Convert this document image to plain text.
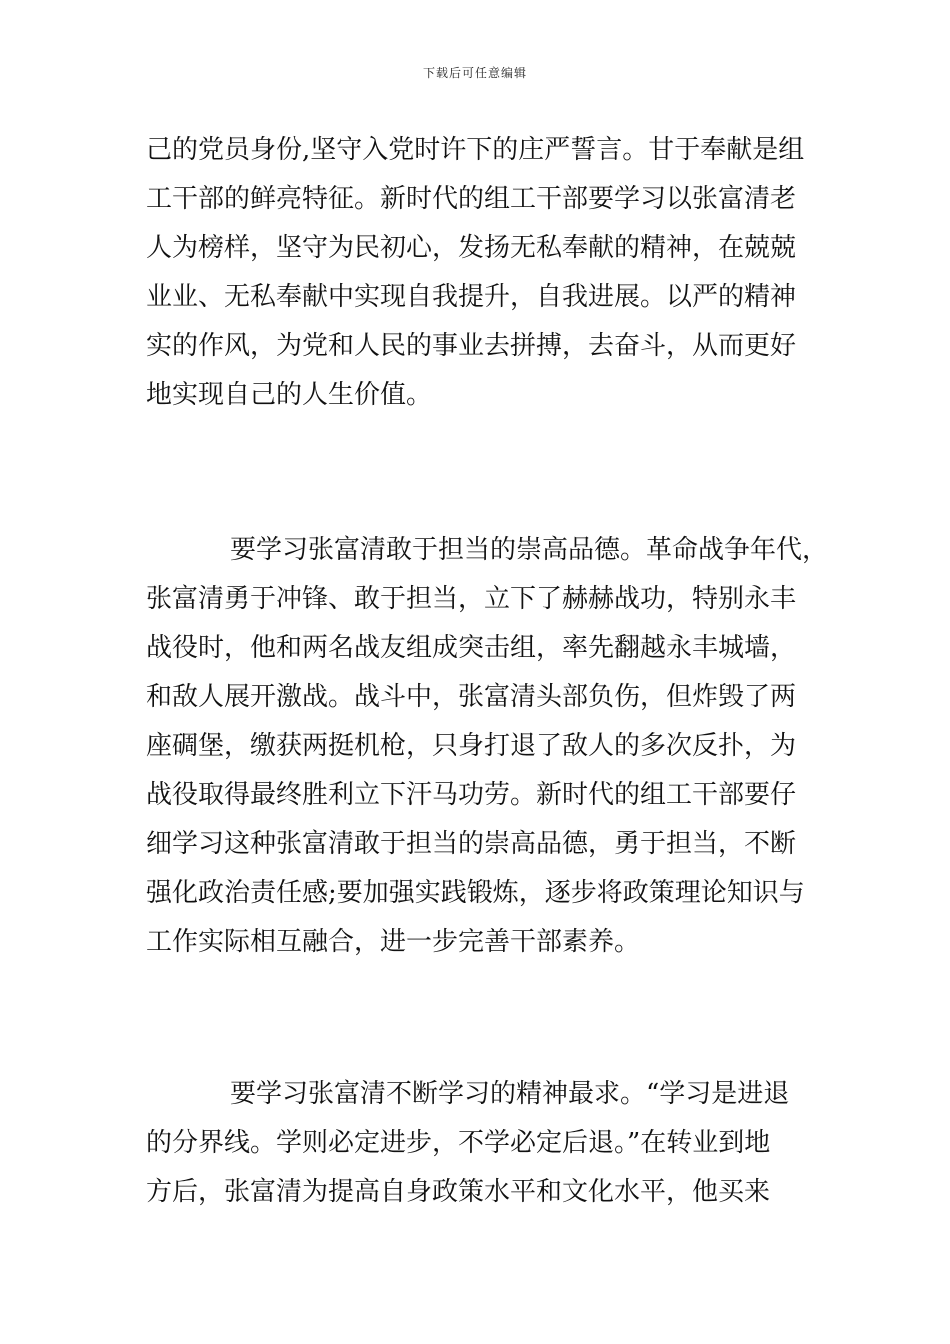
下载后可任意编辑

己的党员身份,坚守入党时许下的庄严誓言。甘于奉献是组
工干部的鲜亮特征。新时代的组工干部要学习以张富清老
人为榜样，坚守为民初心，发扬无私奉献的精神，在兢兢
业业、无私奉献中实现自我提升，自我进展。以严的精神
实的作风，为党和人民的事业去拼搏，去奋斗，从而更好
地实现自己的人生价值。

要学习张富清敢于担当的崇高品德。革命战争年代，
张富清勇于冲锋、敢于担当，立下了赫赫战功，特别永丰
战役时，他和两名战友组成突击组，率先翻越永丰城墙，
和敌人展开激战。战斗中，张富清头部负伤，但炸毁了两
座碉堡，缴获两挺机枪，只身打退了敌人的多次反扑，为
战役取得最终胜利立下汗马功劳。新时代的组工干部要仔
细学习这种张富清敢于担当的崇高品德，勇于担当，不断
强化政治责任感;要加强实践锻炼，逐步将政策理论知识与
工作实际相互融合，进一步完善干部素养。

要学习张富清不断学习的精神最求。“学习是进退
的分界线。学则必定进步，不学必定后退。”在转业到地
方后，张富清为提高自身政策水平和文化水平，他买来
